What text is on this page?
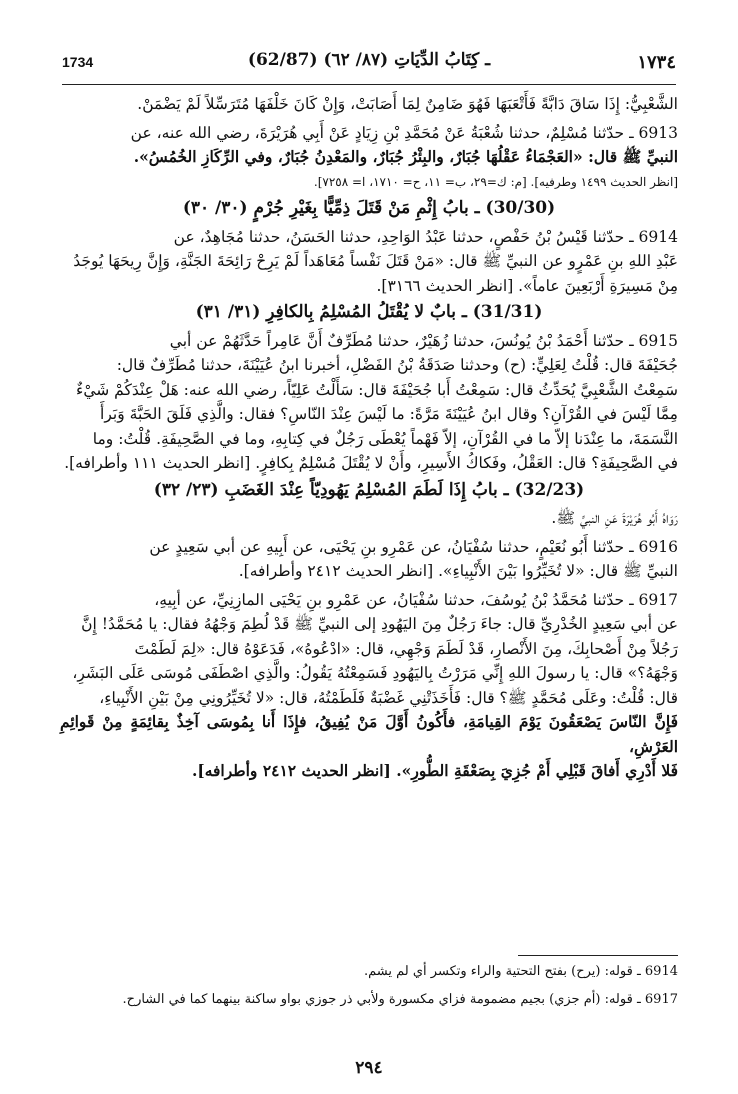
1734	(62/87) ـ كِتَابُ الدِّيَاتِ (٨٧/ ٦٢)	١٧٣٤

الشَّعْبِيُّ: إِذَا سَاقَ دَابَّةً فَأَتْعَبَهَا فَهُوَ ضَامِنٌ لِمَا أَصَابَتْ، وَإِنْ كَانَ خَلْفَهَا مُتَرَسِّلاً لَمْ يَضْمَنْ.

6913 ـ حدّثنا مُسْلِمٌ، حدثنا شُعْبَةُ عَنْ مُحَمَّدِ بْنِ زِيَادٍ عَنْ أَبِي هُرَيْرَةَ، رضي الله عنه، عن

النبيِّ ﷺ قال: «العَجْمَاءُ عَقْلُهَا جُبَارٌ، والبِئْرُ جُبَارٌ، والمَعْدِنُ جُبَارٌ، وفي الرِّكَازِ الخُمُسُ».

[انظر الحديث ١٤٩٩ وطرفيه]. [م: ك=٢٩، ب= ١١، ح= ١٧١٠، ا= ٧٢٥٨].

(30/30) ـ بابُ إِثْمِ مَنْ قَتَلَ ذِمِّيًّا بِغَيْرِ جُرْمٍ (٣٠/ ٣٠)

6914 ـ حدّثنا قَيْسُ بْنُ حَفْصٍ، حدثنا عَبْدُ الوَاحِدِ، حدثنا الحَسَنُ، حدثنا مُجَاهِدٌ، عن

عَبْدِ اللهِ بنِ عَمْرٍو عن النبيِّ ﷺ قال: «مَنْ قَتَلَ نَفْساً مُعَاهَداً لَمْ يَرِحْ رَائِحَةَ الجَنَّةِ، وَإِنَّ رِيحَهَا يُوجَدُ

مِنْ مَسِيرَةِ أَرْبَعِينَ عاماً». [انظر الحديث ٣١٦٦].

(31/31) ـ بابٌ لا يُقْتَلُ المُسْلِمُ بِالكافِرِ (٣١/ ٣١)

6915 ـ حدّثنا أَحْمَدُ بْنُ يُونُسَ، حدثنا زُهَيْرٌ، حدثنا مُطَرِّفٌ أَنَّ عَامِراً حَدَّثَهُمْ عن أبي

جُحَيْفَةَ قال: قُلْتُ لِعَلِيٍّ: (ح) وحدثنا صَدَقَةُ بْنُ الفَضْلِ، أخبرنا ابنُ عُيَيْنَةَ، حدثنا مُطَرِّفٌ قال:

سَمِعْتُ الشَّعْبِيَّ يُحَدِّثُ قال: سَمِعْتُ أَبا جُحَيْفَةَ قال: سَأَلْتُ عَلِيّاً، رضي الله عنه: هَلْ عِنْدَكُمْ شَيْءٌ

مِمَّا لَيْسَ في القُرْآنِ؟ وقال ابنُ عُيَيْنَةَ مَرَّةً: ما لَيْسَ عِنْدَ النّاسِ؟ فقال: والَّذِي فَلَقَ الحَبَّةَ وَبَرأَ

النَّسَمَةَ، ما عِنْدَنا إلاّ ما في القُرْآنِ، إلاّ فَهْماً يُعْطَى رَجُلٌ في كِتابِهِ، وما في الصَّحِيفَةِ. قُلْتُ: وما

في الصَّحِيفَةِ؟ قال: العَقْلُ، وفَكاكُ الأَسِيرِ، وأَنْ لا يُقْتَلَ مُسْلِمٌ بِكافِرٍ. [انظر الحديث ١١١ وأطرافه].

(32/23) ـ بابُ إِذَا لَطَمَ المُسْلِمُ يَهُودِيّاً عِنْدَ الغَضَبِ (٢٣/ ٣٢)

رَوَاهُ أَبُو هُرَيْرَةَ عَنِ النبيِّ ﷺ.

6916 ـ حدّثنا أَبُو نُعَيْمٍ، حدثنا سُفْيَانُ، عن عَمْرِو بنِ يَحْيَى، عن أَبِيهِ عن أبي سَعِيدٍ عن

النبيِّ ﷺ قال: «لا تُخَيِّرُوا بَيْنَ الأَنْبِياءِ». [انظر الحديث ٢٤١٢ وأطرافه].

6917 ـ حدّثنا مُحَمَّدُ بْنُ يُوسُفَ، حدثنا سُفْيَانُ، عن عَمْرِو بنِ يَحْيَى المازِنِيِّ، عن أبِيهِ،

عن أبي سَعِيدٍ الخُدْرِيِّ قال: جاءَ رَجُلٌ مِنَ اليَهُودِ إلى النبيِّ ﷺ قَدْ لُطِمَ وَجْهُهُ فقال: يا مُحَمَّدُ! إِنَّ

رَجُلاً مِنْ أَصْحابِكَ، مِنَ الأَنْصارِ، قَدْ لَطَمَ وَجْهِي، قال: «ادْعُوهُ»، فَدَعَوْهُ قال: «لِمَ لَطَمْتَ

وَجْهَهُ؟» قال: يا رسولَ اللهِ إِنِّي مَرَرْتُ بِاليَهُودِ فَسَمِعْتُهُ يَقُولُ: والَّذِي اصْطَفَى مُوسَى عَلَى البَشَرِ،

قال: قُلْتُ: وعَلَى مُحَمَّدٍ ﷺ؟ قال: فَأَخَذَتْنِي غَضْبَةٌ فَلَطَمْتُهُ، قال: «لا تُخَيِّرُونِي مِنْ بَيْنِ الأَنْبِياءِ،

فَإِنَّ النّاسَ يَصْعَقُونَ يَوْمَ القِيامَةِ، فأَكُونُ أَوَّلَ مَنْ يُفِيقُ، فإِذَا أَنا بِمُوسَى آخِذٌ بِقائِمَةٍ مِنْ قَوائِمِ العَرْشِ،

فَلا أَدْرِي أَفاقَ قَبْلِي أَمْ جُزِيَ بِصَعْقَةِ الطُّورِ». [انظر الحديث ٢٤١٢ وأطرافه].

6914 ـ قوله: (يرح) بفتح التحتية والراء وتكسر أي لم يشم.
6917 ـ قوله: (أم جزي) بجيم مضمومة فزاي مكسورة ولأبي ذر جوزي بواو ساكنة بينهما كما في الشارح.
٢٩٤
